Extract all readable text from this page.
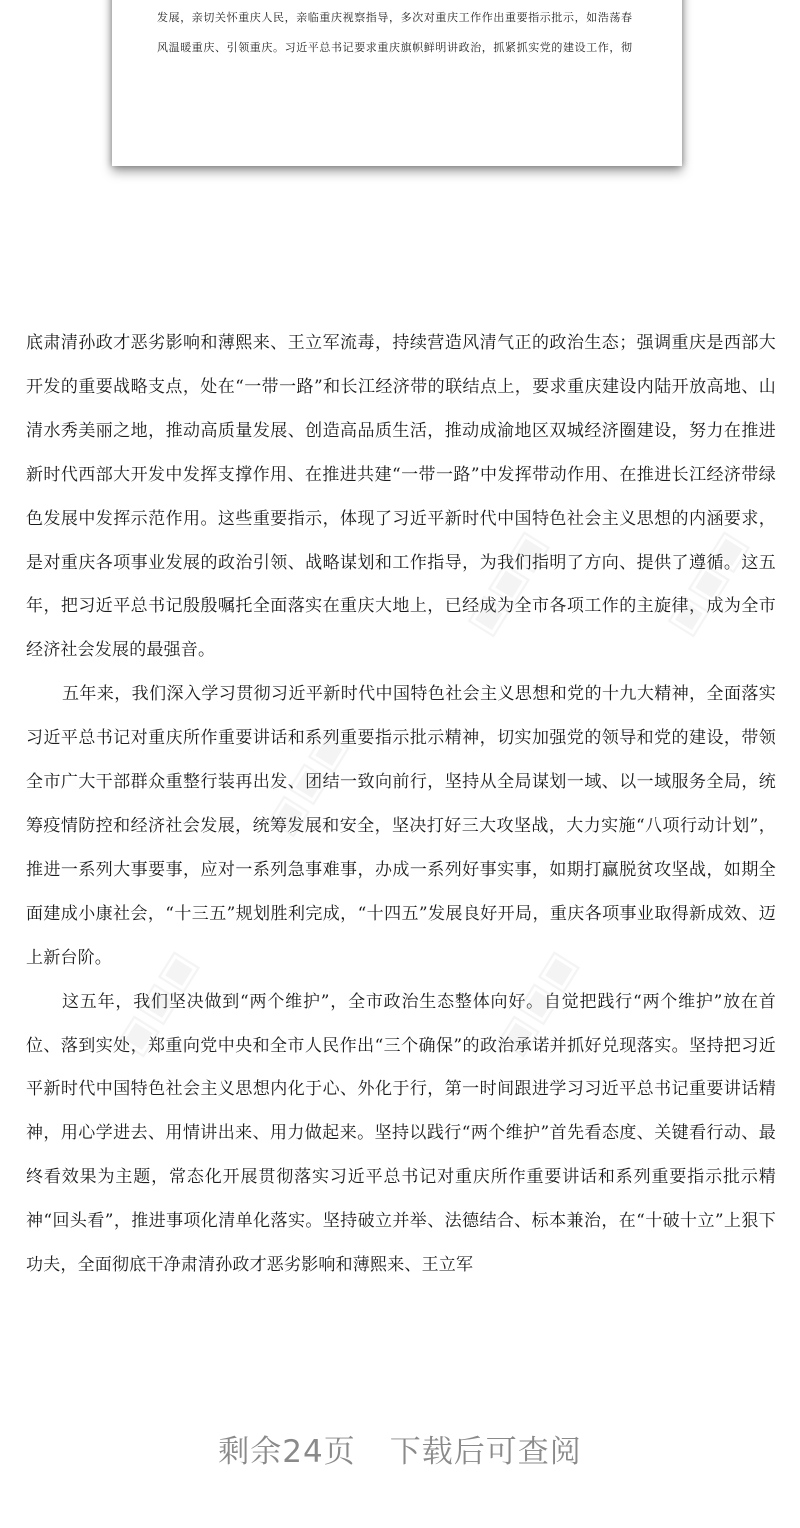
发展，亲切关怀重庆人民，亲临重庆视察指导，多次对重庆工作作出重要指示批示，如浩荡春

风温暖重庆、引领重庆。习近平总书记要求重庆旗帜鲜明讲政治，抓紧抓实党的建设工作，彻

底肃清孙政才恶劣影响和薄熙来、王立军流毒，持续营造风清气正的政治生态；强调重庆是西部大开发的重要战略支点，处在“一带一路”和长江经济带的联结点上，要求重庆建设内陆开放高地、山清水秀美丽之地，推动高质量发展、创造高品质生活，推动成渝地区双城经济圈建设，努力在推进新时代西部大开发中发挥支撑作用、在推进共建“一带一路”中发挥带动作用、在推进长江经济带绿色发展中发挥示范作用。这些重要指示，体现了习近平新时代中国特色社会主义思想的内涵要求，是对重庆各项事业发展的政治引领、战略谋划和工作指导，为我们指明了方向、提供了遵循。这五年，把习近平总书记殷殷嘱托全面落实在重庆大地上，已经成为全市各项工作的主旋律，成为全市经济社会发展的最强音。

五年来，我们深入学习贯彻习近平新时代中国特色社会主义思想和党的十九大精神，全面落实习近平总书记对重庆所作重要讲话和系列重要指示批示精神，切实加强党的领导和党的建设，带领全市广大干部群众重整行装再出发、团结一致向前行，坚持从全局谋划一域、以一域服务全局，统筹疫情防控和经济社会发展，统筹发展和安全，坚决打好三大攻坚战，大力实施“八项行动计划”，推进一系列大事要事，应对一系列急事难事，办成一系列好事实事，如期打赢脱贫攻坚战，如期全面建成小康社会，“十三五”规划胜利完成，“十四五”发展良好开局，重庆各项事业取得新成效、迈上新台阶。

这五年，我们坚决做到“两个维护”，全市政治生态整体向好。自觉把践行“两个维护”放在首位、落到实处，郑重向党中央和全市人民作出“三个确保”的政治承诺并抓好兑现落实。坚持把习近平新时代中国特色社会主义思想内化于心、外化于行，第一时间跟进学习习近平总书记重要讲话精神，用心学进去、用情讲出来、用力做起来。坚持以践行“两个维护”首先看态度、关键看行动、最终看效果为主题，常态化开展贯彻落实习近平总书记对重庆所作重要讲话和系列重要指示批示精神“回头看”，推进事项化清单化落实。坚持破立并举、法德结合、标本兼治，在“十破十立”上狠下功夫，全面彻底干净肃清孙政才恶劣影响和薄熙来、王立军

▣▣▣	▣▣▣
▣▣▣
▣▣▣	▣▣▣
剩余24页 下载后可查阅
